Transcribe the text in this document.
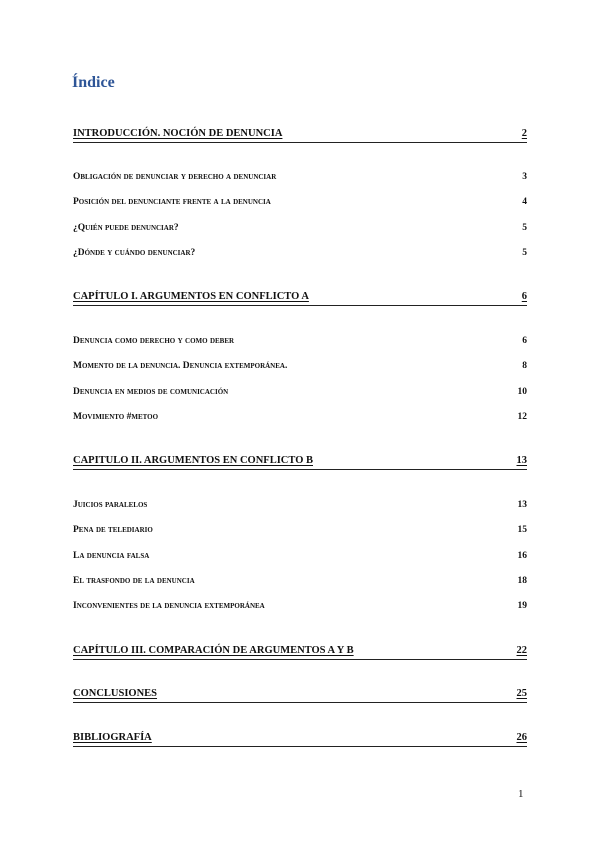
Índice
INTRODUCCIÓN. NOCIÓN DE DENUNCIA	2
Obligación de denunciar y derecho a denunciar	3
Posición del denunciante frente a la denuncia	4
¿Quién puede denunciar?	5
¿Dónde y cuándo denunciar?	5
CAPÍTULO I. ARGUMENTOS EN CONFLICTO A	6
Denuncia como derecho y como deber	6
Momento de la denuncia. Denuncia extemporánea.	8
Denuncia en medios de comunicación	10
Movimiento #metoo	12
CAPITULO II. ARGUMENTOS EN CONFLICTO B	13
Juicios paralelos	13
Pena de telediario	15
La denuncia falsa	16
El trasfondo de la denuncia	18
Inconvenientes de la denuncia extemporánea	19
CAPÍTULO III. COMPARACIÓN DE ARGUMENTOS A Y B	22
CONCLUSIONES	25
BIBLIOGRAFÍA	26
1
